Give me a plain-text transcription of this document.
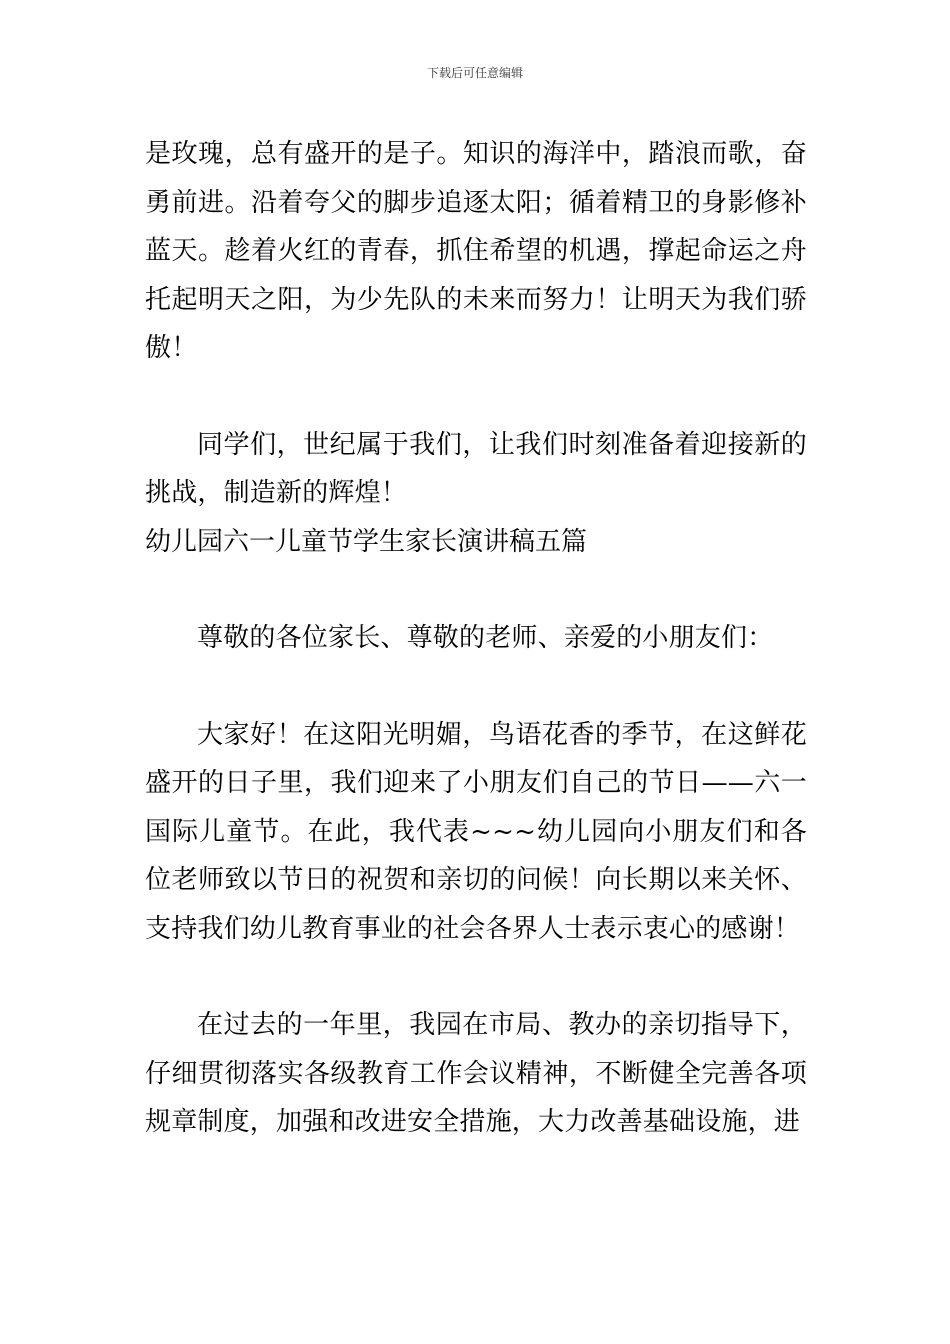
下载后可任意编辑

是玫瑰，总有盛开的是子。知识的海洋中，踏浪而歌，奋勇前进。沿着夸父的脚步追逐太阳；循着精卫的身影修补蓝天。趁着火红的青春，抓住希望的机遇，撑起命运之舟托起明天之阳，为少先队的未来而努力！让明天为我们骄傲！

同学们，世纪属于我们，让我们时刻准备着迎接新的挑战，制造新的辉煌！

幼儿园六一儿童节学生家长演讲稿五篇

尊敬的各位家长、尊敬的老师、亲爱的小朋友们：

大家好！在这阳光明媚，鸟语花香的季节，在这鲜花盛开的日子里，我们迎来了小朋友们自己的节日——六一国际儿童节。在此，我代表~~~幼儿园向小朋友们和各位老师致以节日的祝贺和亲切的问候！向长期以来关怀、支持我们幼儿教育事业的社会各界人士表示衷心的感谢！

在过去的一年里，我园在市局、教办的亲切指导下，仔细贯彻落实各级教育工作会议精神，不断健全完善各项规章制度，加强和改进安全措施，大力改善基础设施，进
